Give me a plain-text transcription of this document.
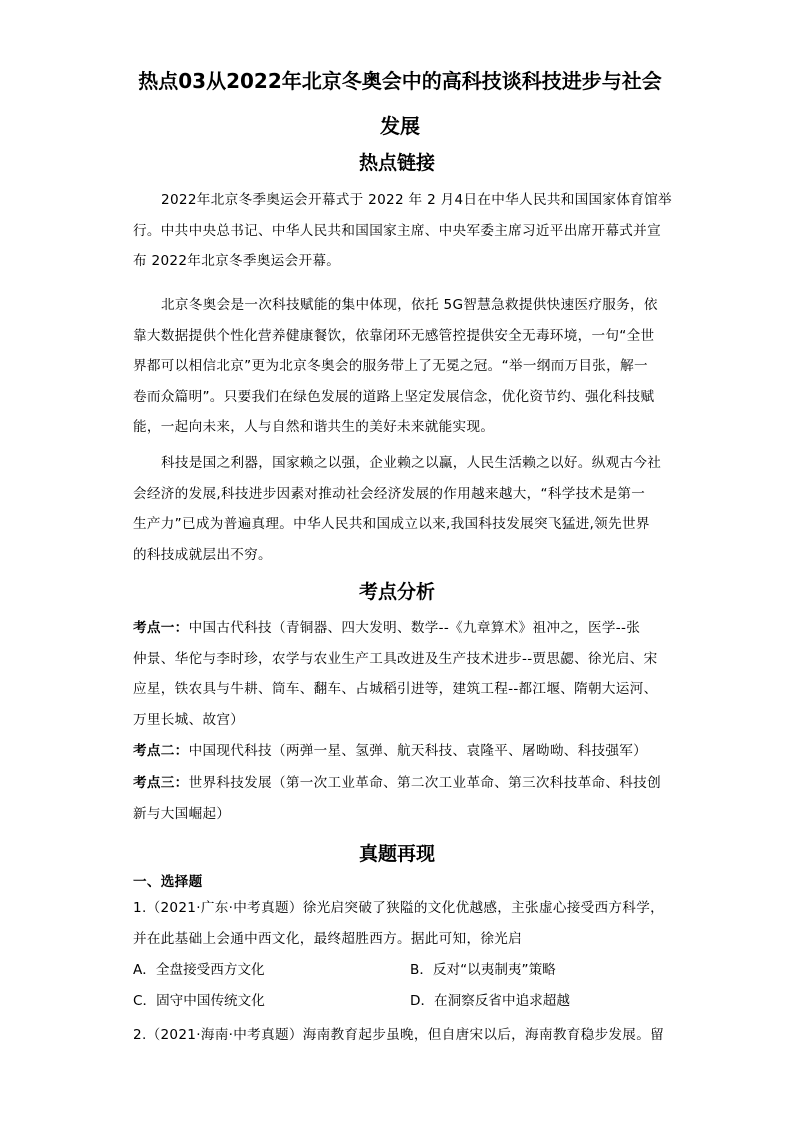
热点03从2022年北京冬奥会中的高科技谈科技进步与社会
发展
热点链接
2022年北京冬季奥运会开幕式于 2022 年 2 月4日在中华人民共和国国家体育馆举
行。中共中央总书记、中华人民共和国国家主席、中央军委主席习近平出席开幕式并宣
布 2022年北京冬季奥运会开幕。
北京冬奥会是一次科技赋能的集中体现，依托 5G智慧急救提供快速医疗服务，依
靠大数据提供个性化营养健康餐饮，依靠闭环无感管控提供安全无毒环境，一句“全世
界都可以相信北京”更为北京冬奥会的服务带上了无冕之冠。“举一纲而万目张，解一
卷而众篇明”。只要我们在绿色发展的道路上坚定发展信念，优化资节约、强化科技赋
能，一起向未来，人与自然和谐共生的美好未来就能实现。
科技是国之利器，国家赖之以强，企业赖之以赢，人民生活赖之以好。纵观古今社
会经济的发展,科技进步因素对推动社会经济发展的作用越来越大，“科学技术是第一
生产力”已成为普遍真理。中华人民共和国成立以来,我国科技发展突飞猛进,领先世界
的科技成就层出不穷。
考点分析
考点一：中国古代科技（青铜器、四大发明、数学--《九章算术》祖冲之，医学--张
仲景、华佗与李时珍，农学与农业生产工具改进及生产技术进步--贾思勰、徐光启、宋
应星，铁农具与牛耕、筒车、翻车、占城稻引进等，建筑工程--都江堰、隋朝大运河、
万里长城、故宫）
考点二：中国现代科技（两弹一星、氢弹、航天科技、袁隆平、屠呦呦、科技强军）
考点三：世界科技发展（第一次工业革命、第二次工业革命、第三次科技革命、科技创
新与大国崛起）
真题再现
一、选择题
1.（2021·广东·中考真题）徐光启突破了狭隘的文化优越感，主张虚心接受西方科学，
并在此基础上会通中西文化，最终超胜西方。据此可知，徐光启
A．全盘接受西方文化	B．反对“以夷制夷”策略
C．固守中国传统文化	D．在洞察反省中追求超越
2.（2021·海南·中考真题）海南教育起步虽晚，但自唐宋以后，海南教育稳步发展。留
